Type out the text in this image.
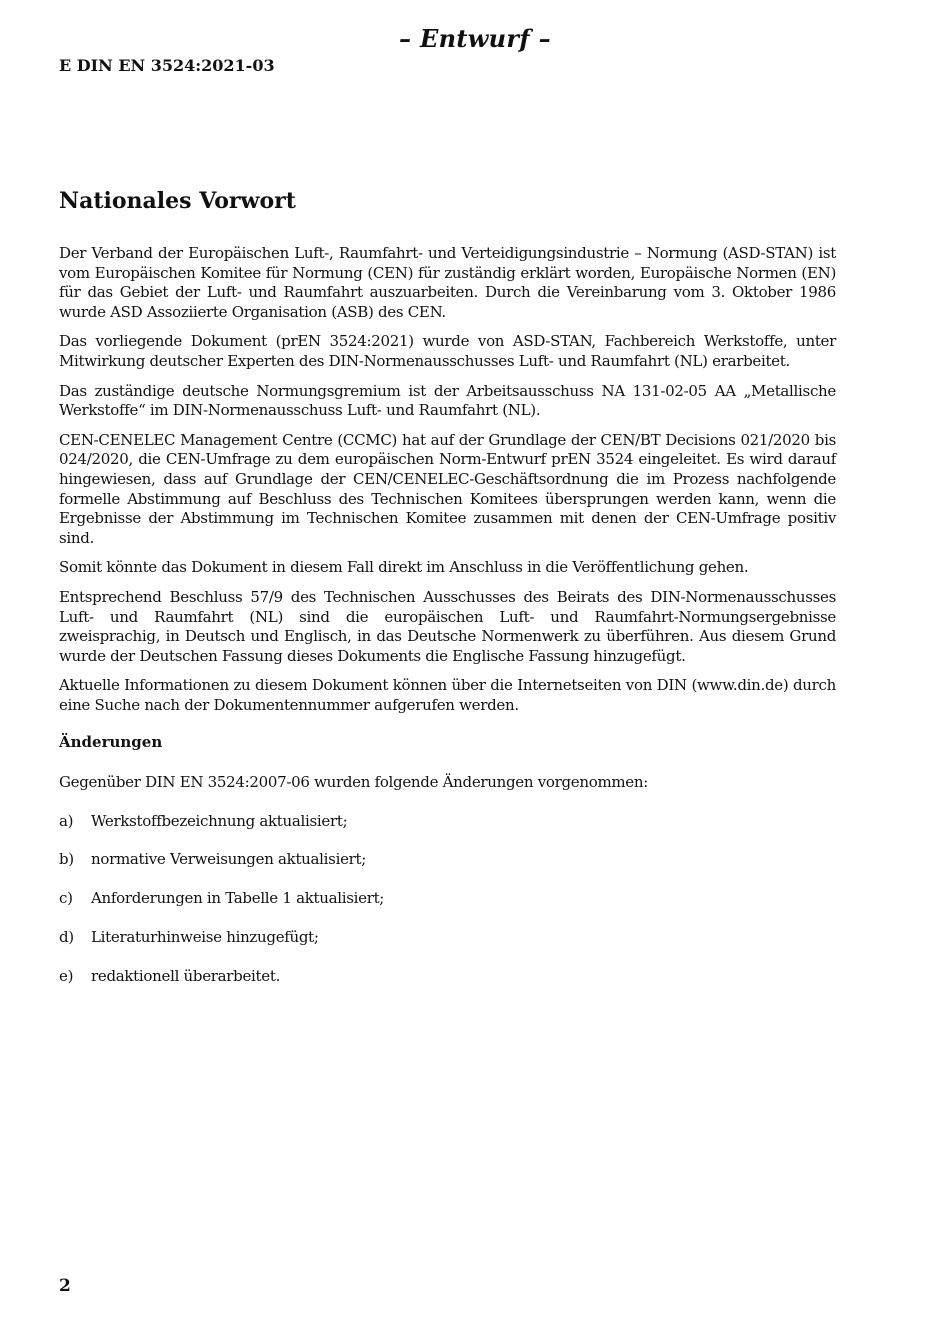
– Entwurf –
E DIN EN 3524:2021-03
Nationales Vorwort

Der Verband der Europäischen Luft-, Raumfahrt- und Verteidigungsindustrie – Normung (ASD-STAN) ist vom Europäischen Komitee für Normung (CEN) für zuständig erklärt worden, Europäische Normen (EN) für das Gebiet der Luft- und Raumfahrt auszuarbeiten. Durch die Vereinbarung vom 3. Oktober 1986 wurde ASD Assoziierte Organisation (ASB) des CEN.

Das vorliegende Dokument (prEN 3524:2021) wurde von ASD-STAN, Fachbereich Werkstoffe, unter Mitwirkung deutscher Experten des DIN-Normenausschusses Luft- und Raumfahrt (NL) erarbeitet.

Das zuständige deutsche Normungsgremium ist der Arbeitsausschuss NA 131-02-05 AA „Metallische Werkstoffe“ im DIN-Normenausschuss Luft- und Raumfahrt (NL).

CEN-CENELEC Management Centre (CCMC) hat auf der Grundlage der CEN/BT Decisions 021/2020 bis 024/2020, die CEN-Umfrage zu dem europäischen Norm-Entwurf prEN 3524 eingeleitet. Es wird darauf hingewiesen, dass auf Grundlage der CEN/CENELEC-Geschäftsordnung die im Prozess nachfolgende formelle Abstimmung auf Beschluss des Technischen Komitees übersprungen werden kann, wenn die Ergebnisse der Abstimmung im Technischen Komitee zusammen mit denen der CEN-Umfrage positiv sind.

Somit könnte das Dokument in diesem Fall direkt im Anschluss in die Veröffentlichung gehen.

Entsprechend Beschluss 57/9 des Technischen Ausschusses des Beirats des DIN-Normenausschusses Luft- und Raumfahrt (NL) sind die europäischen Luft- und Raumfahrt-Normungsergebnisse zweisprachig, in Deutsch und Englisch, in das Deutsche Normenwerk zu überführen. Aus diesem Grund wurde der Deutschen Fassung dieses Dokuments die Englische Fassung hinzugefügt.

Aktuelle Informationen zu diesem Dokument können über die Internetseiten von DIN (www.din.de) durch eine Suche nach der Dokumentennummer aufgerufen werden.

Änderungen
Gegenüber DIN EN 3524:2007-06 wurden folgende Änderungen vorgenommen:
a)	Werkstoffbezeichnung aktualisiert;
b)	normative Verweisungen aktualisiert;
c)	Anforderungen in Tabelle 1 aktualisiert;
d)	Literaturhinweise hinzugefügt;
e)	redaktionell überarbeitet.
2
